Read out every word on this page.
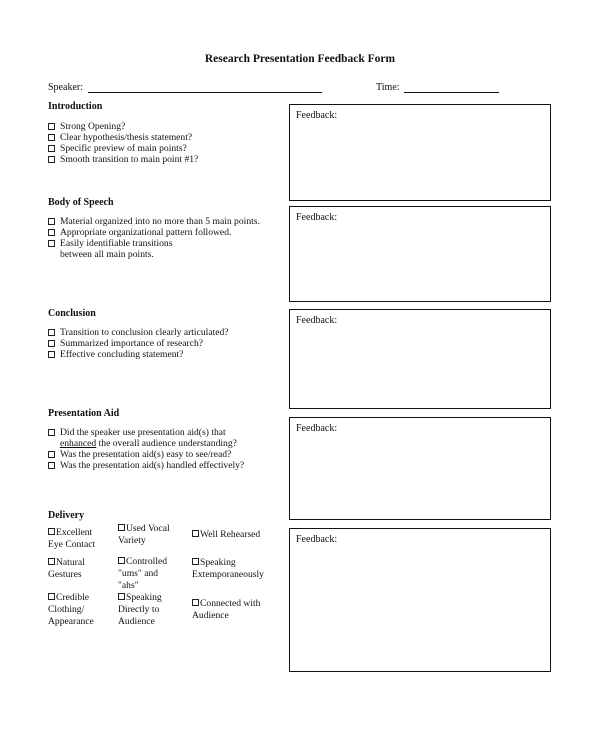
Research Presentation Feedback Form
Speaker:	Time:
Introduction
Strong Opening?
Clear hypothesis/thesis statement?
Specific preview of main points?
Smooth transition to main point #1?
Feedback:
Body of Speech
Material organized into no more than 5 main points.
Appropriate organizational pattern followed.
Easily identifiable transitions
between all main points.
Feedback:
Conclusion
Transition to conclusion clearly articulated?
Summarized importance of research?
Effective concluding statement?
Feedback:
Presentation Aid
Did the speaker use presentation aid(s) that
enhanced the overall audience understanding?
Was the presentation aid(s) easy to see/read?
Was the presentation aid(s) handled effectively?
Feedback:
Delivery
Excellent
Eye Contact
Natural
Gestures
Credible
Clothing/
Appearance
Used Vocal
Variety
Controlled
"ums" and
"ahs"
Speaking
Directly to
Audience
Well Rehearsed
Speaking
Extemporaneously
Connected with
Audience
Feedback:
